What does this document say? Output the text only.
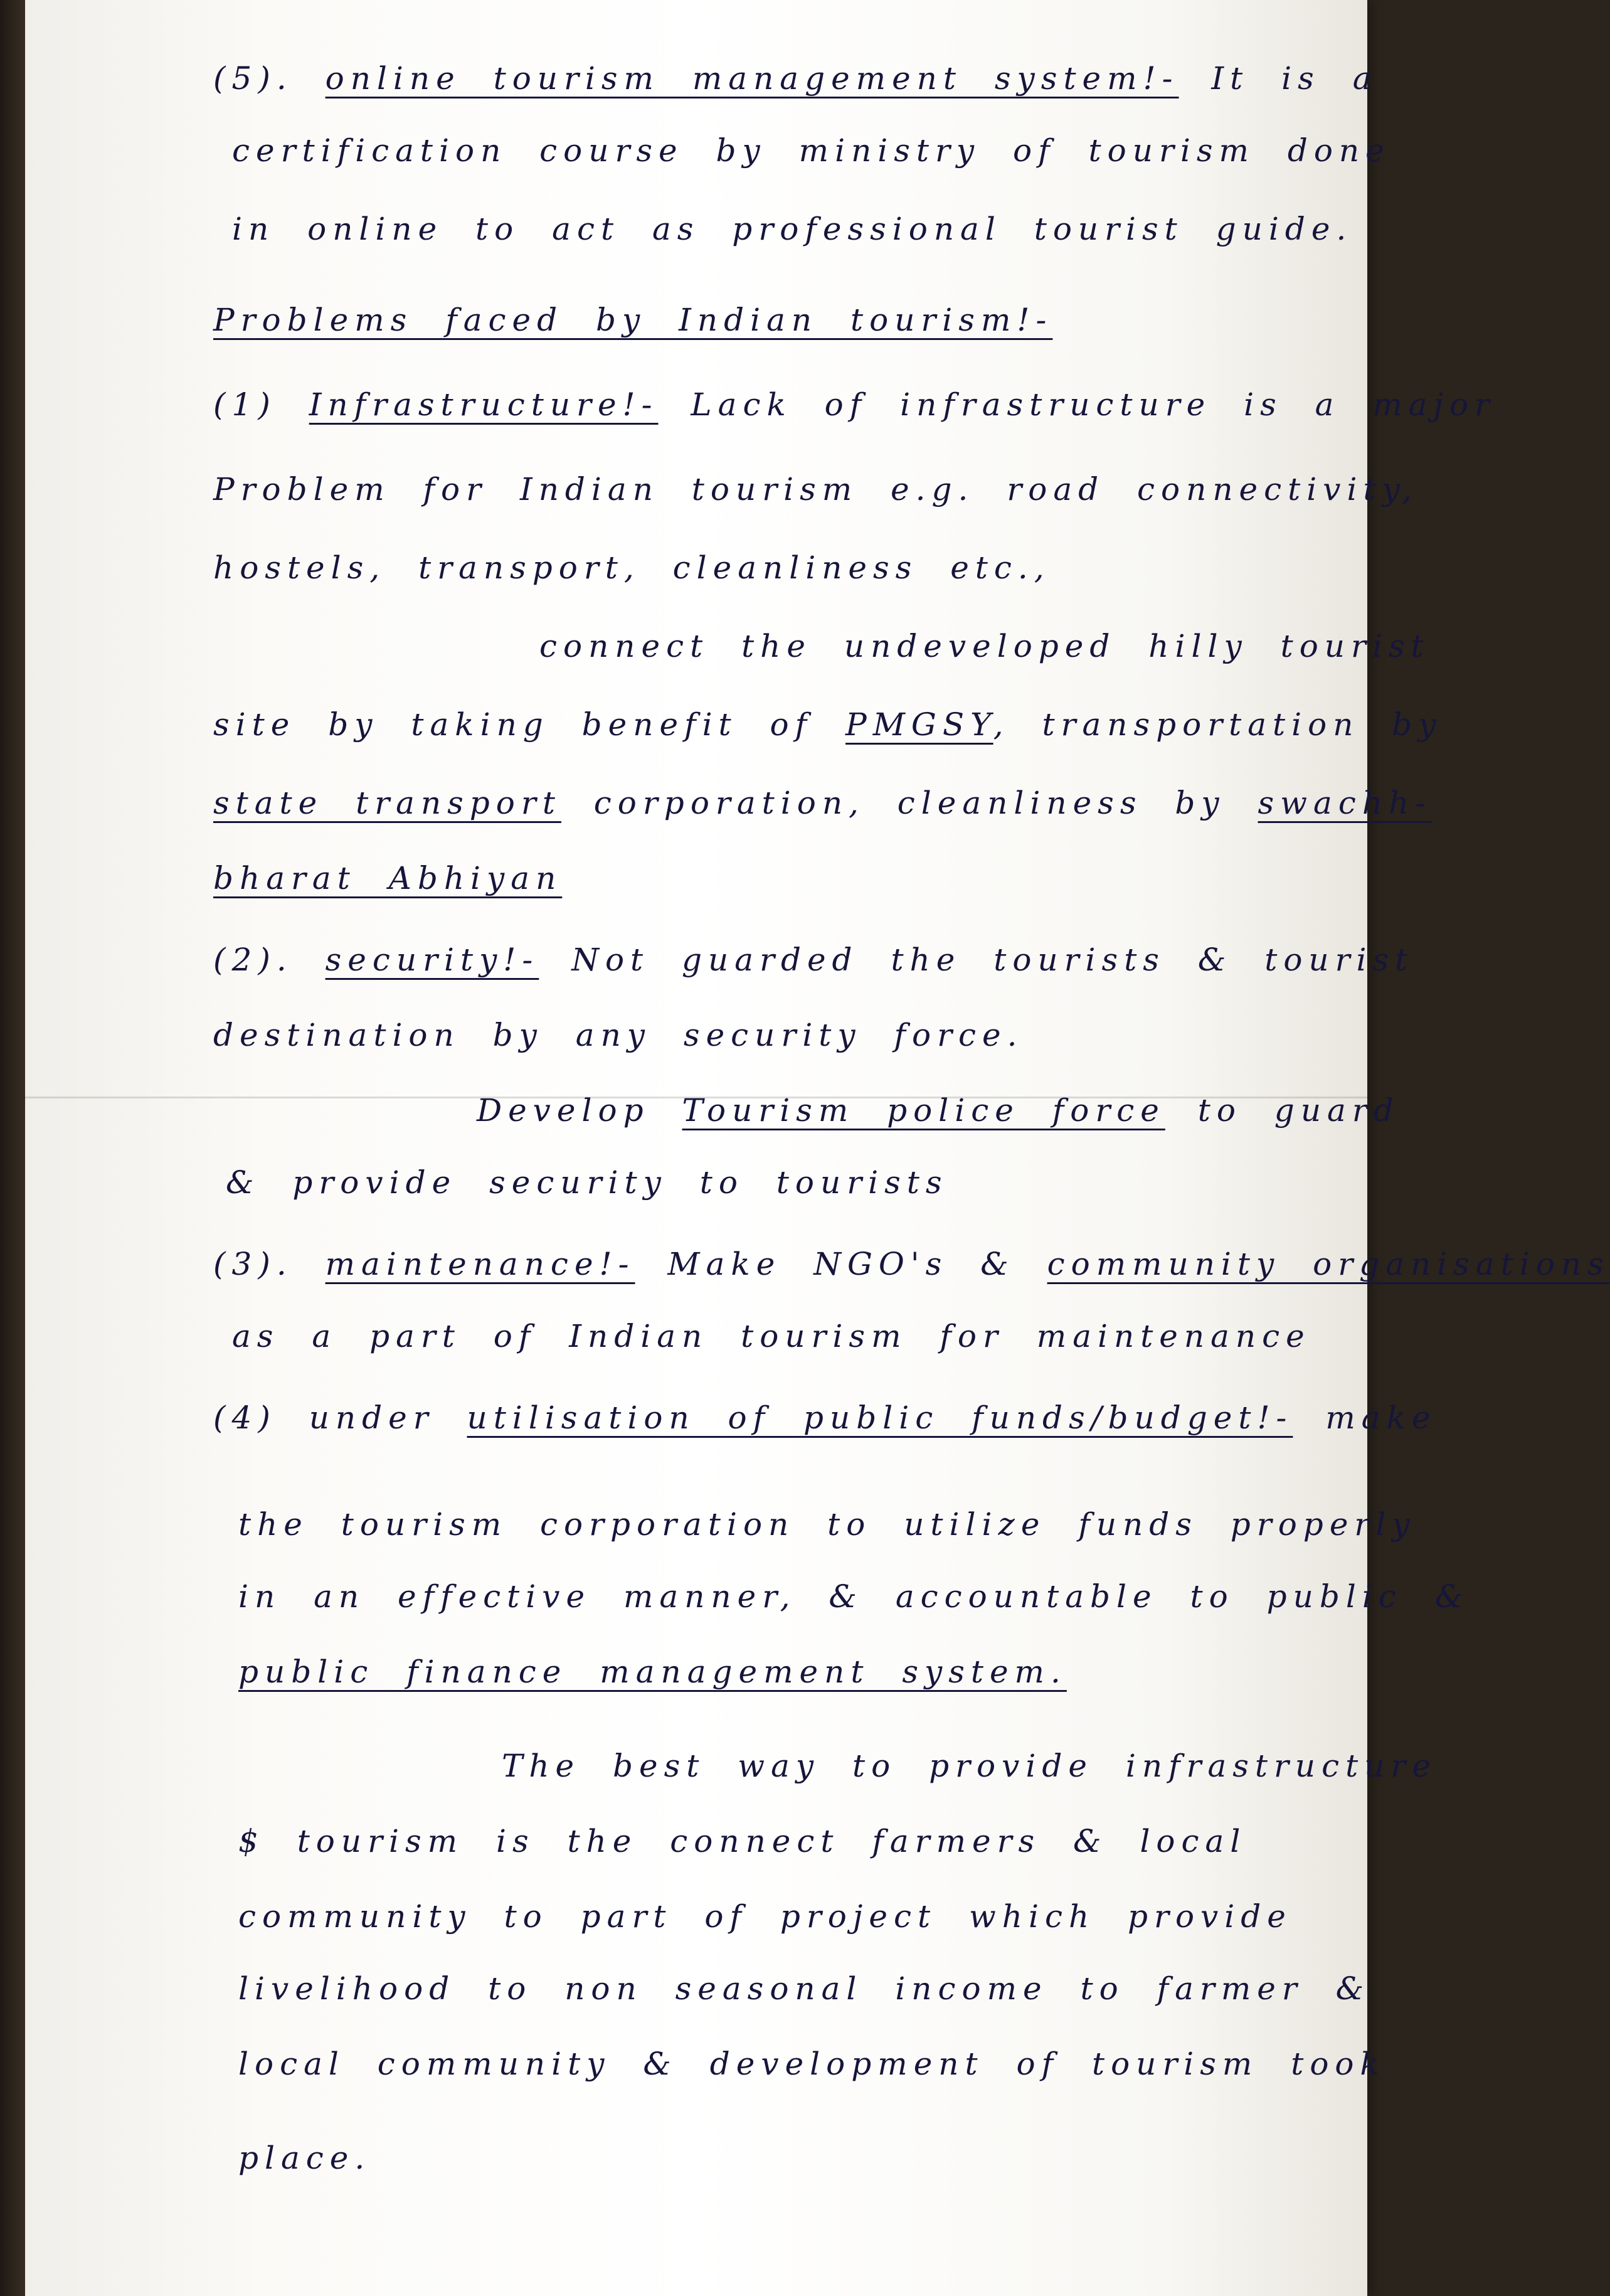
(5). online tourism management system!- It is a
certification course by ministry of tourism done
in online to act as professional tourist guide.
Problems faced by Indian tourism!-
(1) Infrastructure!- Lack of infrastructure is a major
Problem for Indian tourism e.g. road connectivity,
hostels, transport, cleanliness etc.,
connect the undeveloped hilly tourist
site by taking benefit of PMGSY, transportation by
state transport corporation, cleanliness by swachh-
bharat Abhiyan
(2). security!- Not guarded the tourists & tourist
destination by any security force.
Develop Tourism police force to guard
& provide security to tourists
(3). maintenance!- Make NGO's & community organisations
as a part of Indian tourism for maintenance
(4) under utilisation of public funds/budget!- make
the tourism corporation to utilize funds properly
in an effective manner, & accountable to public &
public finance management system.
The best way to provide infrastructure
$ tourism is the connect farmers & local
community to part of project which provide
livelihood to non seasonal income to farmer &
local community & development of tourism took
place.
